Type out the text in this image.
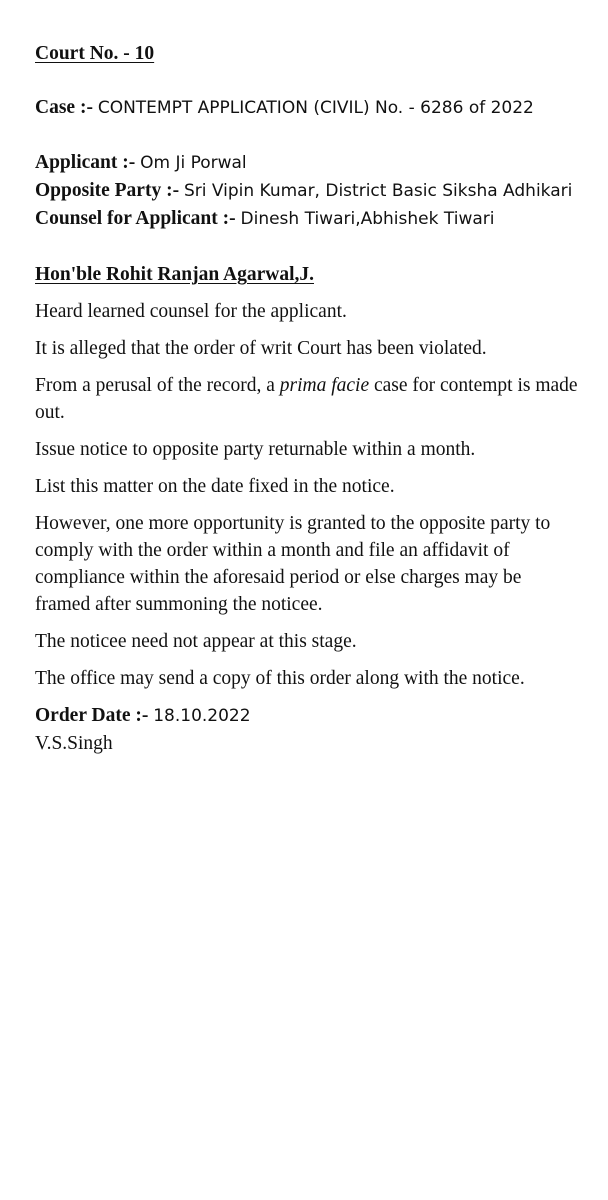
Court No. - 10

Case :- CONTEMPT APPLICATION (CIVIL) No. - 6286 of 2022

Applicant :- Om Ji Porwal
Opposite Party :- Sri Vipin Kumar, District Basic Siksha Adhikari
Counsel for Applicant :- Dinesh Tiwari,Abhishek Tiwari

Hon'ble Rohit Ranjan Agarwal,J.

Heard learned counsel for the applicant.

It is alleged that the order of writ Court has been violated.

From a perusal of the record, a prima facie case for contempt is made out.

Issue notice to opposite party returnable within a month.

List this matter on the date fixed in the notice.

However, one more opportunity is granted to the opposite party to comply with the order within a month and file an affidavit of compliance within the aforesaid period or else charges may be framed after summoning the noticee.

The noticee need not appear at this stage.

The office may send a copy of this order along with the notice.

Order Date :- 18.10.2022
V.S.Singh
